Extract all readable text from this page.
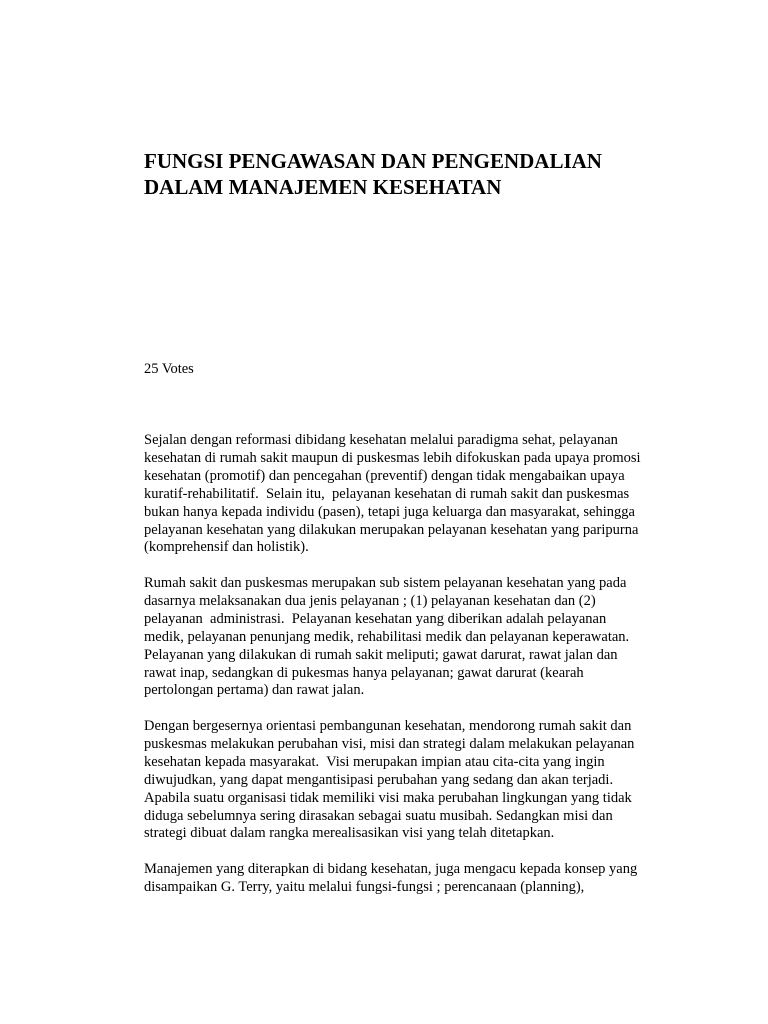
FUNGSI PENGAWASAN DAN PENGENDALIAN
DALAM MANAJEMEN KESEHATAN
25 Votes

Sejalan dengan reformasi dibidang kesehatan melalui paradigma sehat, pelayanan
kesehatan di rumah sakit maupun di puskesmas lebih difokuskan pada upaya promosi
kesehatan (promotif) dan pencegahan (preventif) dengan tidak mengabaikan upaya
kuratif-rehabilitatif.  Selain itu,  pelayanan kesehatan di rumah sakit dan puskesmas
bukan hanya kepada individu (pasen), tetapi juga keluarga dan masyarakat, sehingga
pelayanan kesehatan yang dilakukan merupakan pelayanan kesehatan yang paripurna
(komprehensif dan holistik).

Rumah sakit dan puskesmas merupakan sub sistem pelayanan kesehatan yang pada
dasarnya melaksanakan dua jenis pelayanan ; (1) pelayanan kesehatan dan (2)
pelayanan  administrasi.  Pelayanan kesehatan yang diberikan adalah pelayanan
medik, pelayanan penunjang medik, rehabilitasi medik dan pelayanan keperawatan.
Pelayanan yang dilakukan di rumah sakit meliputi; gawat darurat, rawat jalan dan
rawat inap, sedangkan di pukesmas hanya pelayanan; gawat darurat (kearah
pertolongan pertama) dan rawat jalan.

Dengan bergesernya orientasi pembangunan kesehatan, mendorong rumah sakit dan
puskesmas melakukan perubahan visi, misi dan strategi dalam melakukan pelayanan
kesehatan kepada masyarakat.  Visi merupakan impian atau cita-cita yang ingin
diwujudkan, yang dapat mengantisipasi perubahan yang sedang dan akan terjadi.
Apabila suatu organisasi tidak memiliki visi maka perubahan lingkungan yang tidak
diduga sebelumnya sering dirasakan sebagai suatu musibah. Sedangkan misi dan
strategi dibuat dalam rangka merealisasikan visi yang telah ditetapkan.

Manajemen yang diterapkan di bidang kesehatan, juga mengacu kepada konsep yang
disampaikan G. Terry, yaitu melalui fungsi-fungsi ; perencanaan (planning),
